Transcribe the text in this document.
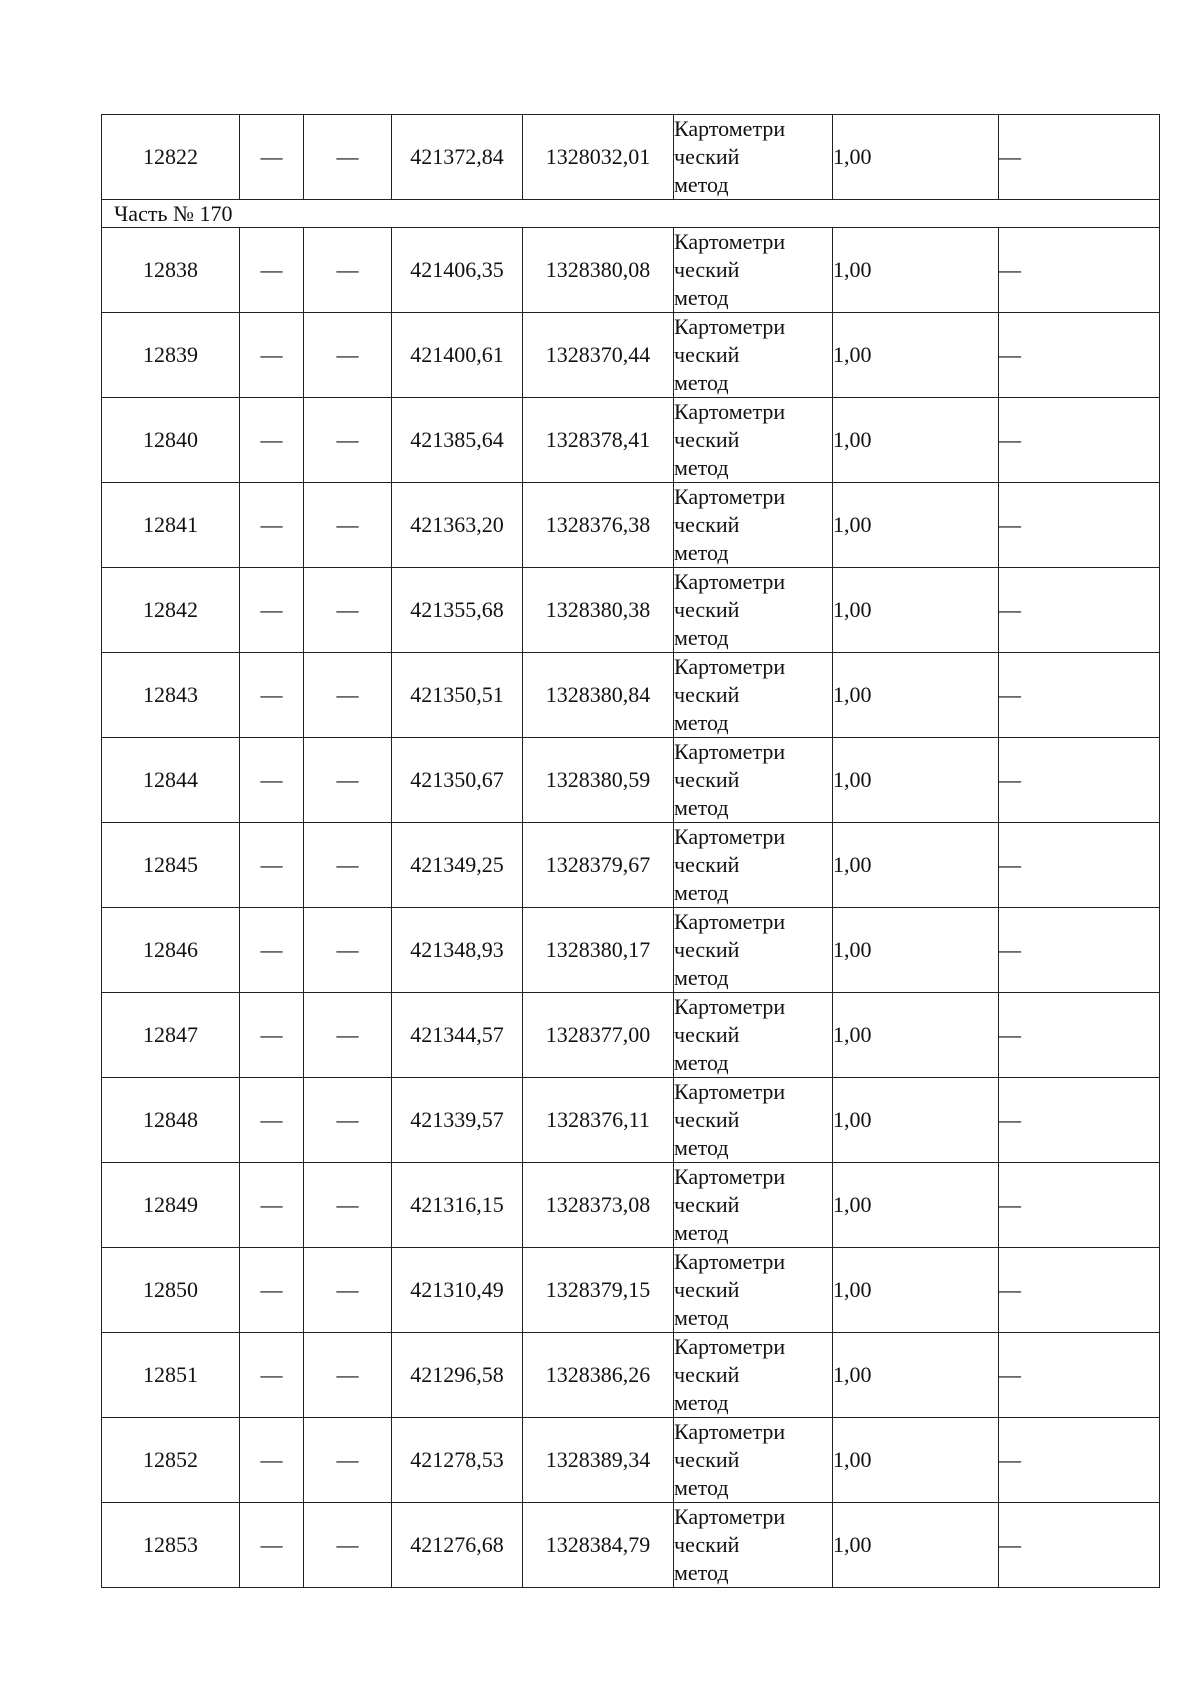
12822	—	—	421372,84	1328032,01	Картометри
ческий
метод	1,00	—
Часть № 170							
12838	—	—	421406,35	1328380,08	Картометри
ческий
метод	1,00	—
12839	—	—	421400,61	1328370,44	Картометри
ческий
метод	1,00	—
12840	—	—	421385,64	1328378,41	Картометри
ческий
метод	1,00	—
12841	—	—	421363,20	1328376,38	Картометри
ческий
метод	1,00	—
12842	—	—	421355,68	1328380,38	Картометри
ческий
метод	1,00	—
12843	—	—	421350,51	1328380,84	Картометри
ческий
метод	1,00	—
12844	—	—	421350,67	1328380,59	Картометри
ческий
метод	1,00	—
12845	—	—	421349,25	1328379,67	Картометри
ческий
метод	1,00	—
12846	—	—	421348,93	1328380,17	Картометри
ческий
метод	1,00	—
12847	—	—	421344,57	1328377,00	Картометри
ческий
метод	1,00	—
12848	—	—	421339,57	1328376,11	Картометри
ческий
метод	1,00	—
12849	—	—	421316,15	1328373,08	Картометри
ческий
метод	1,00	—
12850	—	—	421310,49	1328379,15	Картометри
ческий
метод	1,00	—
12851	—	—	421296,58	1328386,26	Картометри
ческий
метод	1,00	—
12852	—	—	421278,53	1328389,34	Картометри
ческий
метод	1,00	—
12853	—	—	421276,68	1328384,79	Картометри
ческий
метод	1,00	—
